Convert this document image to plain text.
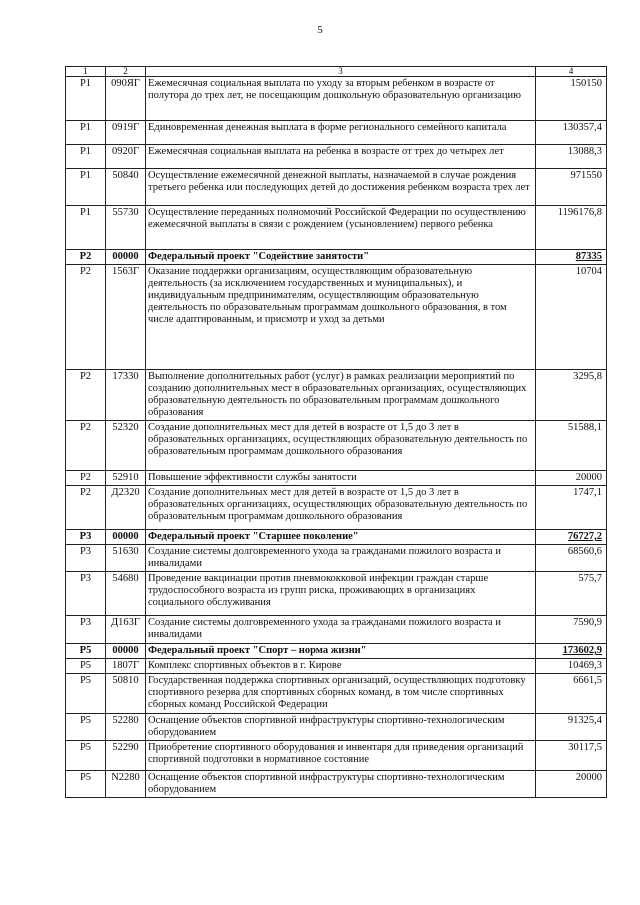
5
1	2	3	4
P1	090ЯГ	Ежемесячная социальная выплата по уходу за вторым ребенком в возрасте от полутора до трех лет, не посещающим дошкольную образовательную организацию	150150
P1	0919Г	Единовременная денежная выплата в форме регионального семейного капитала	130357,4
P1	0920Г	Ежемесячная социальная выплата на ребенка в возрасте от трех до четырех лет	13088,3
P1	50840	Осуществление ежемесячной денежной выплаты, назначаемой в случае рождения третьего ребенка или последующих детей до достижения ребенком возраста трех лет	971550
P1	55730	Осуществление переданных полномочий Российской Федерации по осуществлению ежемесячной выплаты в связи с рождением (усыновлением) первого ребенка	1196176,8
P2	00000	Федеральный проект "Содействие занятости"	87335
P2	1563Г	Оказание поддержки организациям, осуществляющим образовательную деятельность (за исключением государственных и муниципальных), и индивидуальным предпринимателям, осуществляющим образовательную деятельность по образовательным программам дошкольного образования, в том числе адаптированным, и присмотр и уход за детьми	10704
P2	17330	Выполнение дополнительных работ (услуг) в рамках реализации мероприятий по созданию дополнительных мест в образовательных организациях, осуществляющих образовательную деятельность по образовательным программам дошкольного образования	3295,8
P2	52320	Создание дополнительных мест для детей в возрасте от 1,5 до 3 лет в образовательных организациях, осуществляющих образовательную деятельность по образовательным программам дошкольного образования	51588,1
P2	52910	Повышение эффективности службы занятости	20000
P2	Д2320	Создание дополнительных мест для детей в возрасте от 1,5 до 3 лет в образовательных организациях, осуществляющих образовательную деятельность по образовательным программам дошкольного образования	1747,1
P3	00000	Федеральный проект "Старшее поколение"	76727,2
P3	51630	Создание системы долговременного ухода за гражданами пожилого возраста и инвалидами	68560,6
P3	54680	Проведение вакцинации против пневмококковой инфекции граждан старше трудоспособного возраста из групп риска, проживающих в организациях социального обслуживания	575,7
P3	Д163Г	Создание системы долговременного ухода за гражданами пожилого возраста и инвалидами	7590,9
P5	00000	Федеральный проект "Спорт – норма жизни"	173602,9
P5	1807Г	Комплекс спортивных объектов в г. Кирове	10469,3
P5	50810	Государственная поддержка спортивных организаций, осуществляющих подготовку спортивного резерва для спортивных сборных команд, в том числе спортивных сборных команд Российской Федерации	6661,5
P5	52280	Оснащение объектов спортивной инфраструктуры спортивно-технологическим оборудованием	91325,4
P5	52290	Приобретение спортивного оборудования и инвентаря для приведения организаций спортивной подготовки в нормативное состояние	30117,5
P5	N2280	Оснащение объектов спортивной инфраструктуры спортивно-технологическим оборудованием	20000
